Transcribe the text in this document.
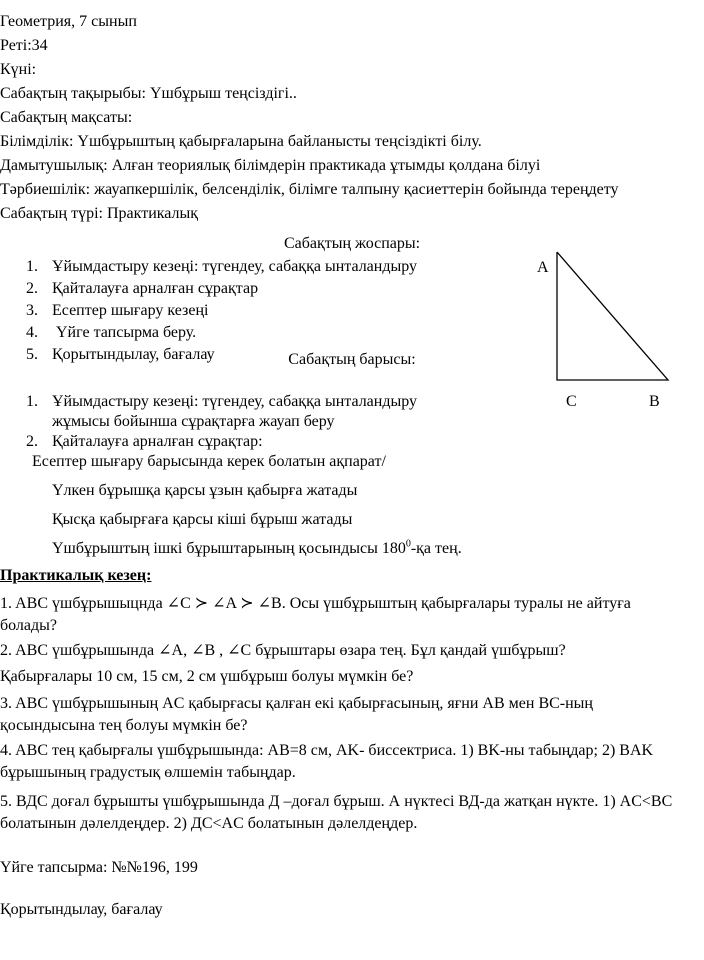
Геометрия, 7 сынып
Реті:34
Күні:
Сабақтың тақырыбы: Үшбұрыш теңсіздігі..
Сабақтың мақсаты:
Білімділік: Үшбұрыштың қабырғаларына байланысты теңсіздікті білу.
Дамытушылық: Алған теориялық білімдерін практикада ұтымды қолдана білуі
Тәрбиешілік: жауапкершілік, белсенділік, білімге талпыну қасиеттерін бойында тереңдету
Сабақтың түрі: Практикалық
Сабақтың жоспары:
1. Ұйымдастыру кезеңі: түгендеу, сабаққа ынталандыру
2. Қайталауға арналған сұрақтар
3. Есептер шығару кезеңі
4. Үйге тапсырма беру.
5. Қорытындылау, бағалау
A
C	B
Сабақтың барысы:
1. Ұйымдастыру кезеңі: түгендеу, сабаққа ынталандыру
жұмысы бойынша сұрақтарға жауап беру
2. Қайталауға арналған сұрақтар:
Есептер шығару барысында керек болатын ақпарат/
Үлкен бұрышқа қарсы ұзын қабырға жатады
Қысқа қабырғаға қарсы кіші бұрыш жатады
Үшбұрыштың ішкі бұрыштарының қосындысы $180^0-қа$ тең.
Практикалық кезең:
1. ABC үшбұрышыцнда ∠C ≻ ∠A ≻ ∠B. Осы үшбұрыштың қабырғалары туралы не айтуға болады?
2. ABC үшбұрышында ∠A, ∠B , ∠C бұрыштары өзара тең. Бұл қандай үшбұрыш?
Қабырғалары 10 см, 15 см, 2 см үшбұрыш болуы мүмкін бе?
3. ABC үшбұрышының AC қабырғасы қалған екі қабырғасының, яғни AB мен BC-ның қосындысына тең болуы мүмкін бе?
4. ABC тең қабырғалы үшбұрышында: AB=8 см, AK- биссектриса. 1) BK-ны табыңдар; 2) BAK бұрышының градустық өлшемін табыңдар.
5. ВДС доғал бұрышты үшбұрышында Д –доғал бұрыш. А нүктесі ВД-да жатқан нүкте. 1) AC<BC болатынын дәлелдеңдер. 2) ДС<AC болатынын дәлелдеңдер.
Үйге тапсырма: №№196, 199
Қорытындылау, бағалау
